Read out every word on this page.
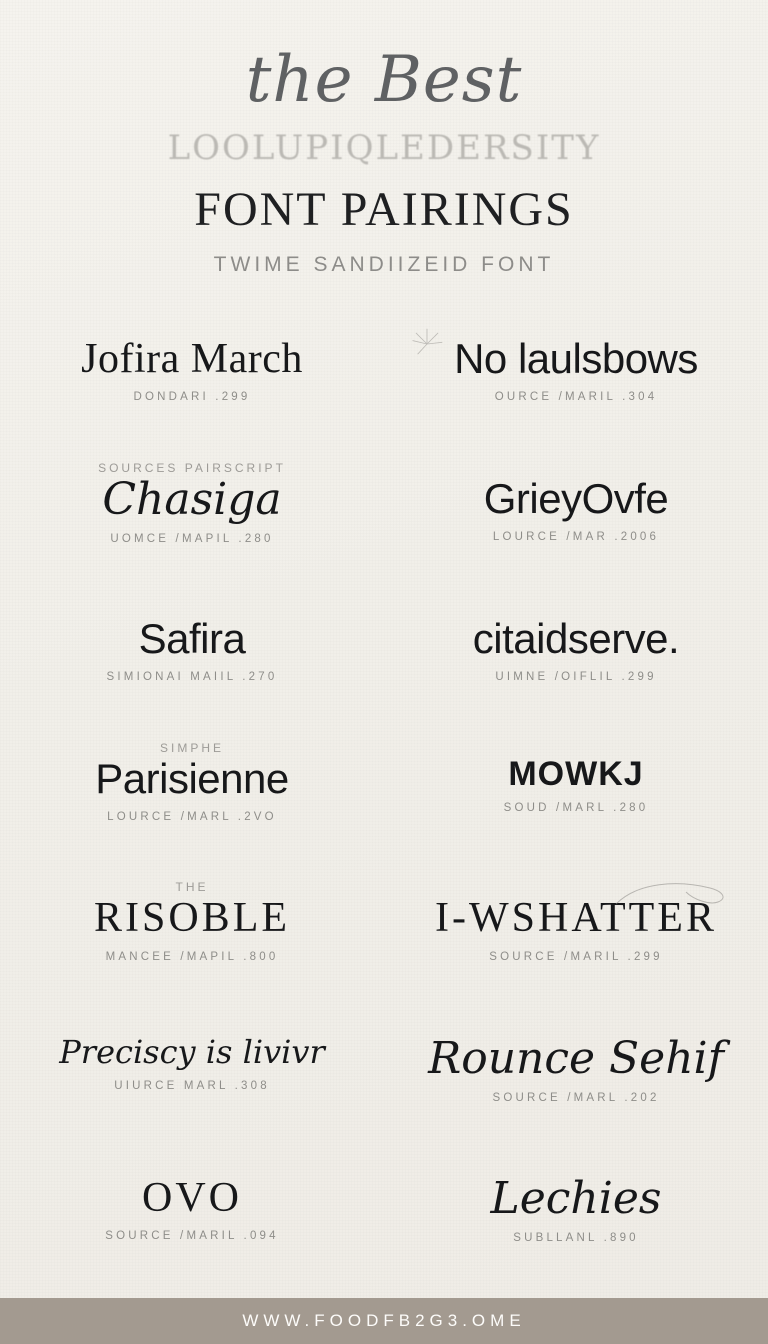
the Best
LOOLUPIQLEDERSITY
FONT PAIRINGS
TWIME SANDIIZEID FONT
Jofira March
DONDARI .299
No laulsbows
OURCE /MARIL .304
SOURCES PAIRSCRIPT
Chasiga
UOMCE /MAPIL .280
GrieyOvfe
LOURCE /MAR .2006
Safira
SIMIONAI MAIIL .270
citaidserve.
UIMNE /OIFLIL .299
SIMPHE
Parisienne
LOURCE /MARL .2VO
MOWKJ
SOUD /MARL .280
THE
RISOBLE
MANCEE /MAPIL .800
I-WSHATTER
SOURCE /MARIL .299
Preciscy is livivr
UIURCE MARL .308
Rounce Sehif
SOURCE /MARL .202
OVO
SOURCE /MARIL .094
Lechies
SUBLLANL .890
WWW.FOODFB2G3.OME
